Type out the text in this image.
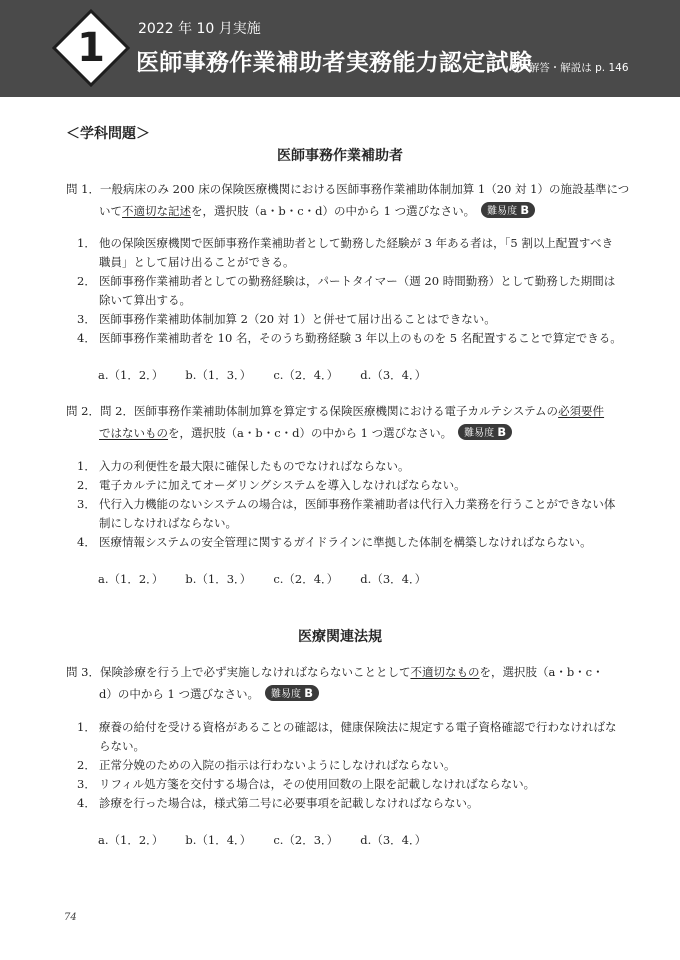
1	2022 年 10 月実施
医師事務作業補助者実務能力認定試験
➡解答・解説は p. 146
＜学科問題＞
医師事務作業補助者
問 1．一般病床のみ 200 床の保険医療機関における医師事務作業補助体制加算 1（20 対 1）の施設基準につ
いて不適切な記述を，選択肢（a・b・c・d）の中から 1 つ選びなさい。 難易度 B
1． 他の保険医療機関で医師事務作業補助者として勤務した経験が 3 年ある者は，「5 割以上配置すべき
職員」として届け出ることができる。
2． 医師事務作業補助者としての勤務経験は，パートタイマー（週 20 時間勤務）として勤務した期間は
除いて算出する。
3． 医師事務作業補助体制加算 2（20 対 1）と併せて届け出ることはできない。
4． 医師事務作業補助者を 10 名，そのうち勤務経験 3 年以上のものを 5 名配置することで算定できる。
a.（1．2．） b.（1．3．） c.（2．4．） d.（3．4．）
問 2．問 2．医師事務作業補助体制加算を算定する保険医療機関における電子カルテシステムの必須要件
ではないものを，選択肢（a・b・c・d）の中から 1 つ選びなさい。 難易度 B
1． 入力の利便性を最大限に確保したものでなければならない。
2． 電子カルテに加えてオーダリングシステムを導入しなければならない。
3． 代行入力機能のないシステムの場合は，医師事務作業補助者は代行入力業務を行うことができない体
制にしなければならない。
4． 医療情報システムの安全管理に関するガイドラインに準拠した体制を構築しなければならない。
a.（1．2．） b.（1．3．） c.（2．4．） d.（3．4．）
医療関連法規
問 3．保険診療を行う上で必ず実施しなければならないこととして不適切なものを，選択肢（a・b・c・
d）の中から 1 つ選びなさい。 難易度 B
1． 療養の給付を受ける資格があることの確認は，健康保険法に規定する電子資格確認で行わなければな
らない。
2． 正常分娩のための入院の指示は行わないようにしなければならない。
3． リフィル処方箋を交付する場合は，その使用回数の上限を記載しなければならない。
4． 診療を行った場合は，様式第二号に必要事項を記載しなければならない。
a.（1．2．） b.（1．4．） c.（2．3．） d.（3．4．）
74
